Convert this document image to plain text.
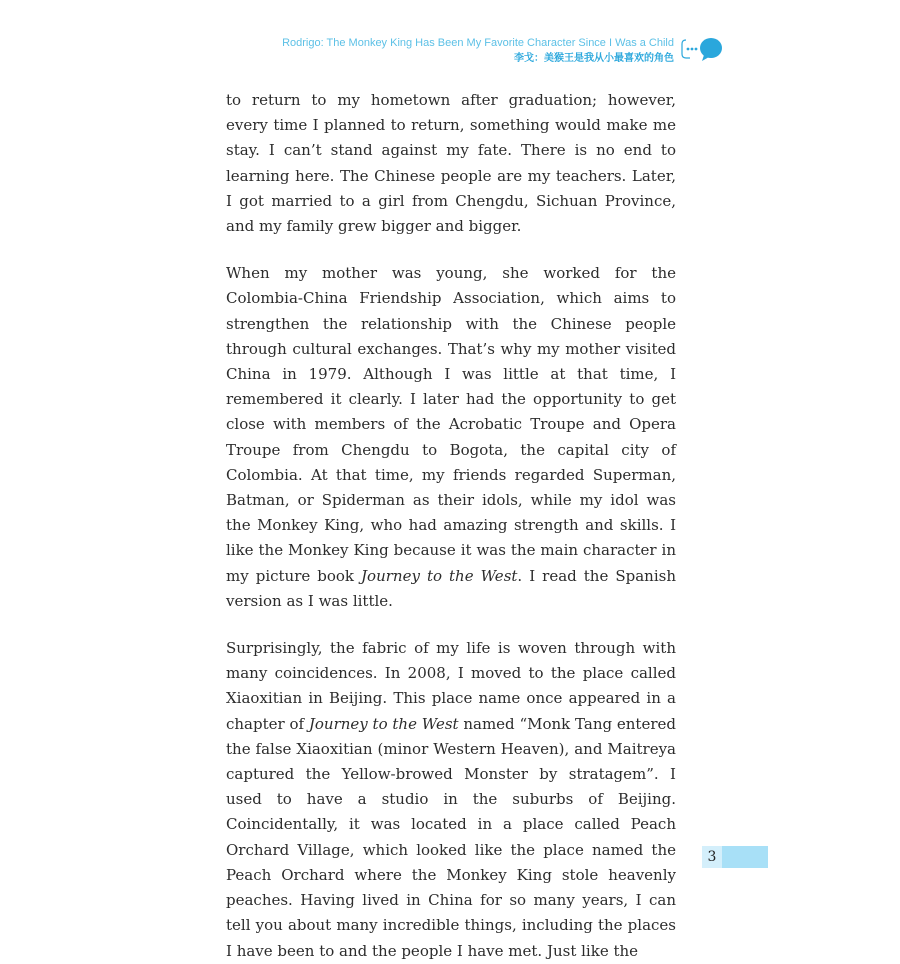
Rodrigo: The Monkey King Has Been My Favorite Character Since I Was a Child
李戈：美猴王是我从小最喜欢的角色

to return to my hometown after graduation; however, every time I planned to return, something would make me stay. I can’t stand against my fate. There is no end to learning here. The Chinese people are my teachers. Later, I got married to a girl from Chengdu, Sichuan Province, and my family grew bigger and bigger.

When my mother was young, she worked for the Colombia-China Friendship Association, which aims to strengthen the relationship with the Chinese people through cultural exchanges. That’s why my mother visited China in 1979. Although I was little at that time, I remembered it clearly. I later had the opportunity to get close with members of the Acrobatic Troupe and Opera Troupe from Chengdu to Bogota, the capital city of Colombia. At that time, my friends regarded Superman, Batman, or Spiderman as their idols, while my idol was the Monkey King, who had amazing strength and skills. I like the Monkey King because it was the main character in my picture book Journey to the West. I read the Spanish version as I was little.

Surprisingly, the fabric of my life is woven through with many coincidences. In 2008, I moved to the place called Xiaoxitian in Beijing. This place name once appeared in a chapter of Journey to the West named “Monk Tang entered the false Xiaoxitian (minor Western Heaven), and Maitreya captured the Yellow-browed Monster by stratagem”. I used to have a studio in the suburbs of Beijing. Coincidentally, it was located in a place called Peach Orchard Village, which looked like the place named the Peach Orchard where the Monkey King stole heavenly peaches. Having lived in China for so many years, I can tell you about many incredible things, including the places I have been to and the people I have met. Just like the

3
